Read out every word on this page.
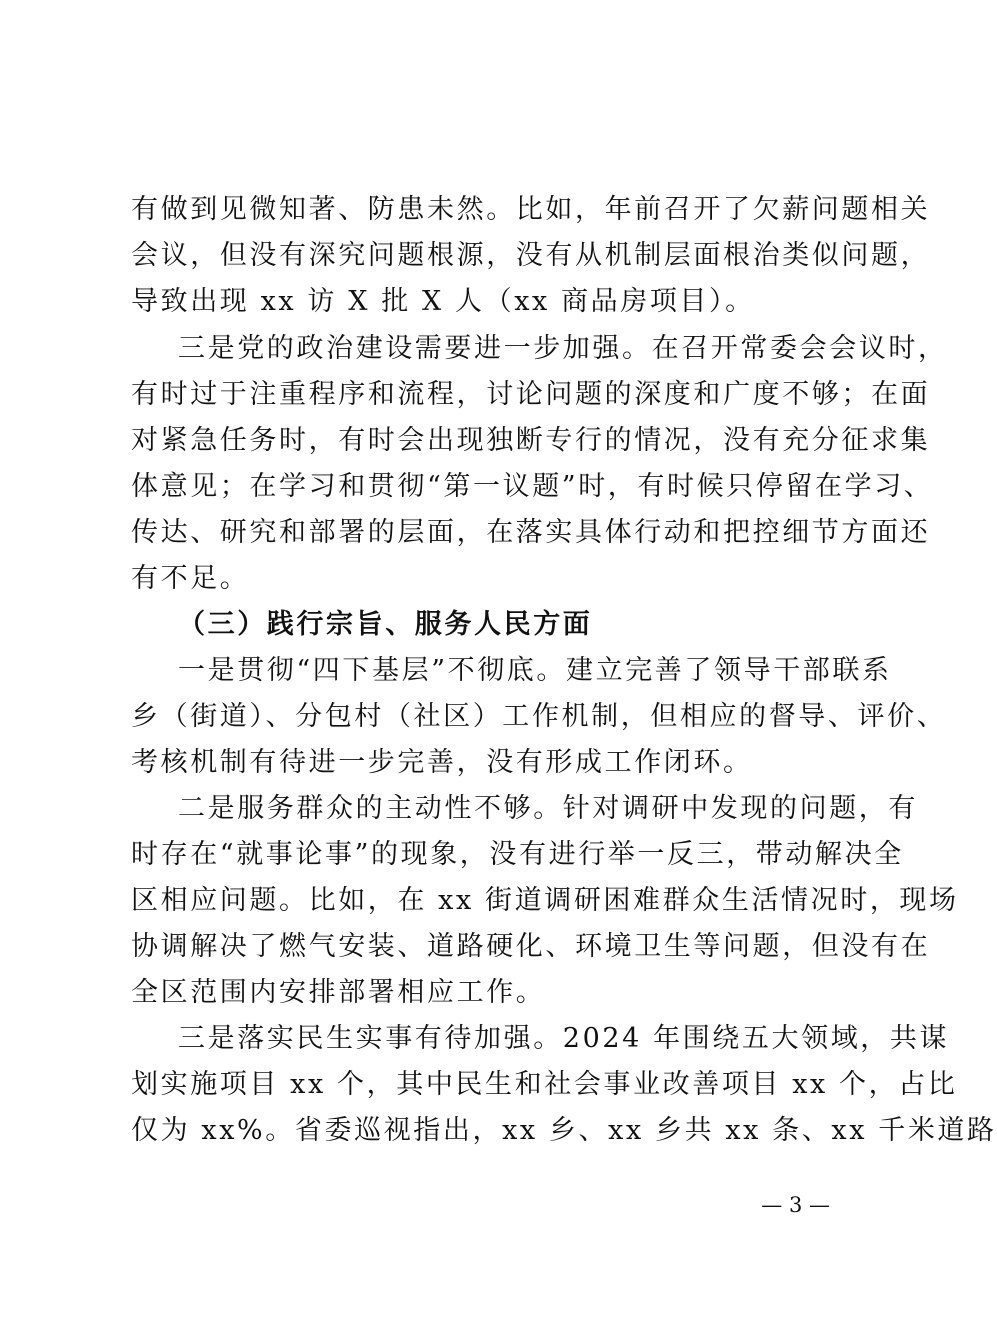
有做到见微知著、防患未然。比如，年前召开了欠薪问题相关
会议，但没有深究问题根源，没有从机制层面根治类似问题，
导致出现 xx 访 X 批 X 人（xx 商品房项目）。
三是党的政治建设需要进一步加强。在召开常委会会议时，
有时过于注重程序和流程，讨论问题的深度和广度不够；在面
对紧急任务时，有时会出现独断专行的情况，没有充分征求集
体意见；在学习和贯彻“第一议题”时，有时候只停留在学习、
传达、研究和部署的层面，在落实具体行动和把控细节方面还
有不足。
（三）践行宗旨、服务人民方面
一是贯彻“四下基层”不彻底。建立完善了领导干部联系
乡（街道）、分包村（社区）工作机制，但相应的督导、评价、
考核机制有待进一步完善，没有形成工作闭环。
二是服务群众的主动性不够。针对调研中发现的问题，有
时存在“就事论事”的现象，没有进行举一反三，带动解决全
区相应问题。比如，在 xx 街道调研困难群众生活情况时，现场
协调解决了燃气安装、道路硬化、环境卫生等问题，但没有在
全区范围内安排部署相应工作。
三是落实民生实事有待加强。2024 年围绕五大领域，共谋
划实施项目 xx 个，其中民生和社会事业改善项目 xx 个，占比
仅为 xx%。省委巡视指出，xx 乡、xx 乡共 xx 条、xx 千米道路
— 3 —
